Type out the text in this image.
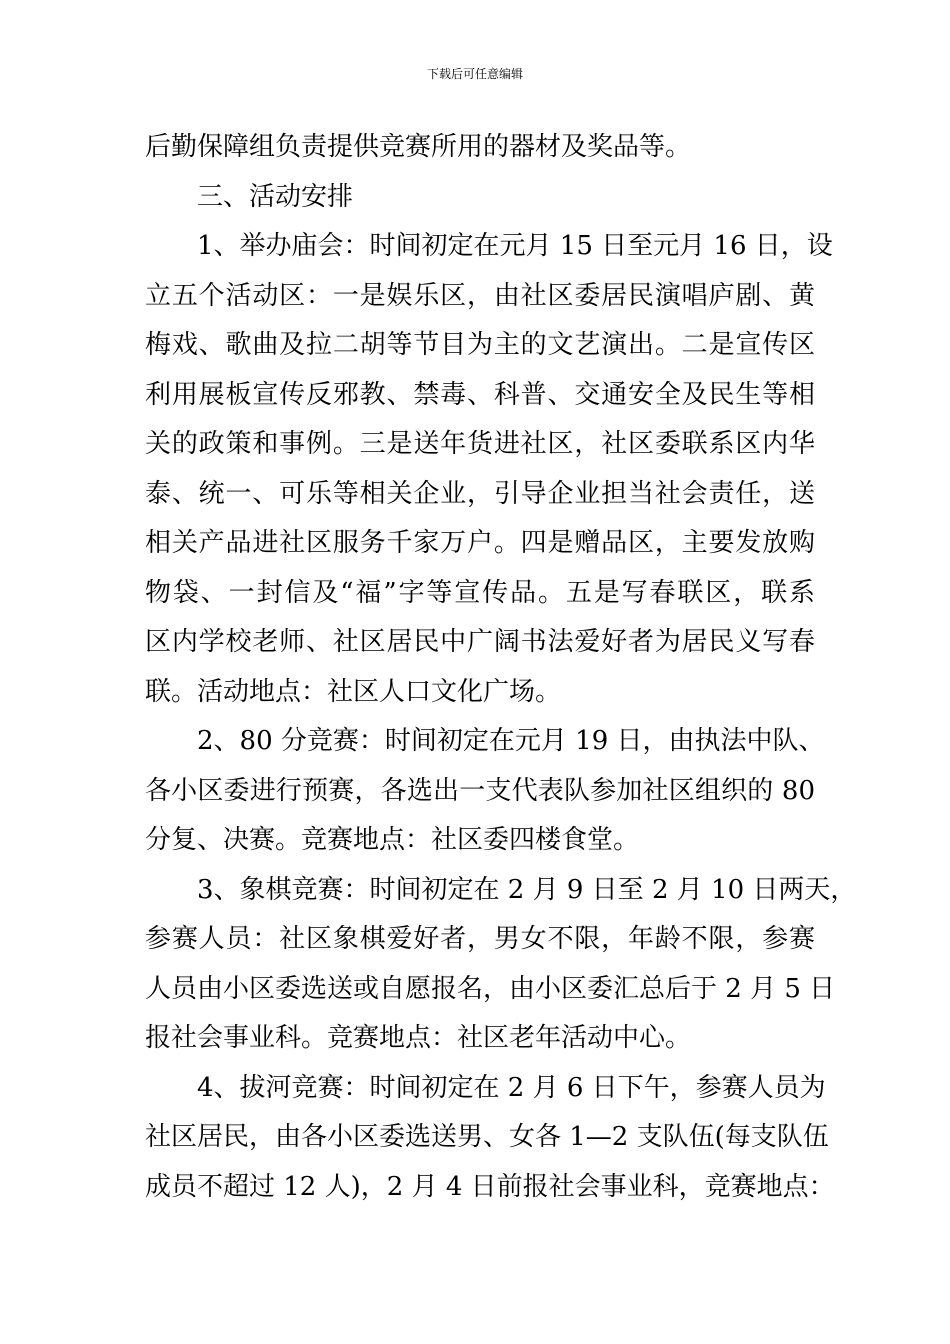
下载后可任意编辑
后勤保障组负责提供竞赛所用的器材及奖品等。
三、活动安排
1、举办庙会：时间初定在元月 15 日至元月 16 日，设
立五个活动区：一是娱乐区，由社区委居民演唱庐剧、黄
梅戏、歌曲及拉二胡等节目为主的文艺演出。二是宣传区
利用展板宣传反邪教、禁毒、科普、交通安全及民生等相
关的政策和事例。三是送年货进社区，社区委联系区内华
泰、统一、可乐等相关企业，引导企业担当社会责任，送
相关产品进社区服务千家万户。四是赠品区，主要发放购
物袋、一封信及“福”字等宣传品。五是写春联区，联系
区内学校老师、社区居民中广阔书法爱好者为居民义写春
联。活动地点：社区人口文化广场。
2、80 分竞赛：时间初定在元月 19 日，由执法中队、
各小区委进行预赛，各选出一支代表队参加社区组织的 80
分复、决赛。竞赛地点：社区委四楼食堂。
3、象棋竞赛：时间初定在 2 月 9 日至 2 月 10 日两天，
参赛人员：社区象棋爱好者，男女不限，年龄不限，参赛
人员由小区委选送或自愿报名，由小区委汇总后于 2 月 5 日
报社会事业科。竞赛地点：社区老年活动中心。
4、拔河竞赛：时间初定在 2 月 6 日下午，参赛人员为
社区居民，由各小区委选送男、女各 1—2 支队伍(每支队伍
成员不超过 12 人)，2 月 4 日前报社会事业科，竞赛地点：
